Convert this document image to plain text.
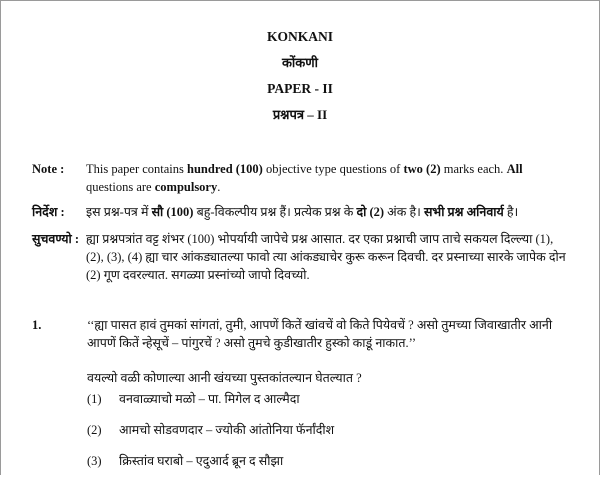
KONKANI
कोंकणी
PAPER - II
प्रश्नपत्र – II
Note : This paper contains hundred (100) objective type questions of two (2) marks each. All questions are compulsory.
निर्देश : इस प्रश्न-पत्र में सौ (100) बहु-विकल्पीय प्रश्न हैं। प्रत्येक प्रश्न के दो (2) अंक है। सभी प्रश्न अनिवार्य है।
सुचवण्यो : ह्या प्रश्नपत्रांत वट्ट शंभर (100) भोपर्यायी जापेचे प्रश्न आसात. दर एका प्रश्नाची जाप ताचे सकयल दिल्ल्या (1), (2), (3), (4) ह्या चार आंकड्यातल्या फावो त्या आंकड्याचेर कुरू करून दिवची. दर प्रस्नाच्या सारके जापेक दोन (2) गूण दवरल्यात. सगळ्या प्रस्नांच्यो जापो दिवच्यो.
1.	‘‘ह्या पासत हावं तुमकां सांगतां, तुमी, आपणें कितें खांवचें वो किते पियेवचें ? असो तुमच्या जिवाखातीर आनी आपणें कितें न्हेसूचें – पांगुरचें ? असो तुमचे कुडीखातीर हुस्को काडूं नाकात.’’
वयल्यो वळी कोणाल्या आनी खंयच्या पुस्तकांतल्यान घेतल्यात ?
(1) वनवाळ्याचो मळो – पा. मिगेल द आल्मैदा
(2) आमचो सोडवणदार – ज्योकी आंतोनिया फॅर्नांदीश
(3) क्रिस्तांव घराबो – एदुआर्द ब्रून द सौझा
